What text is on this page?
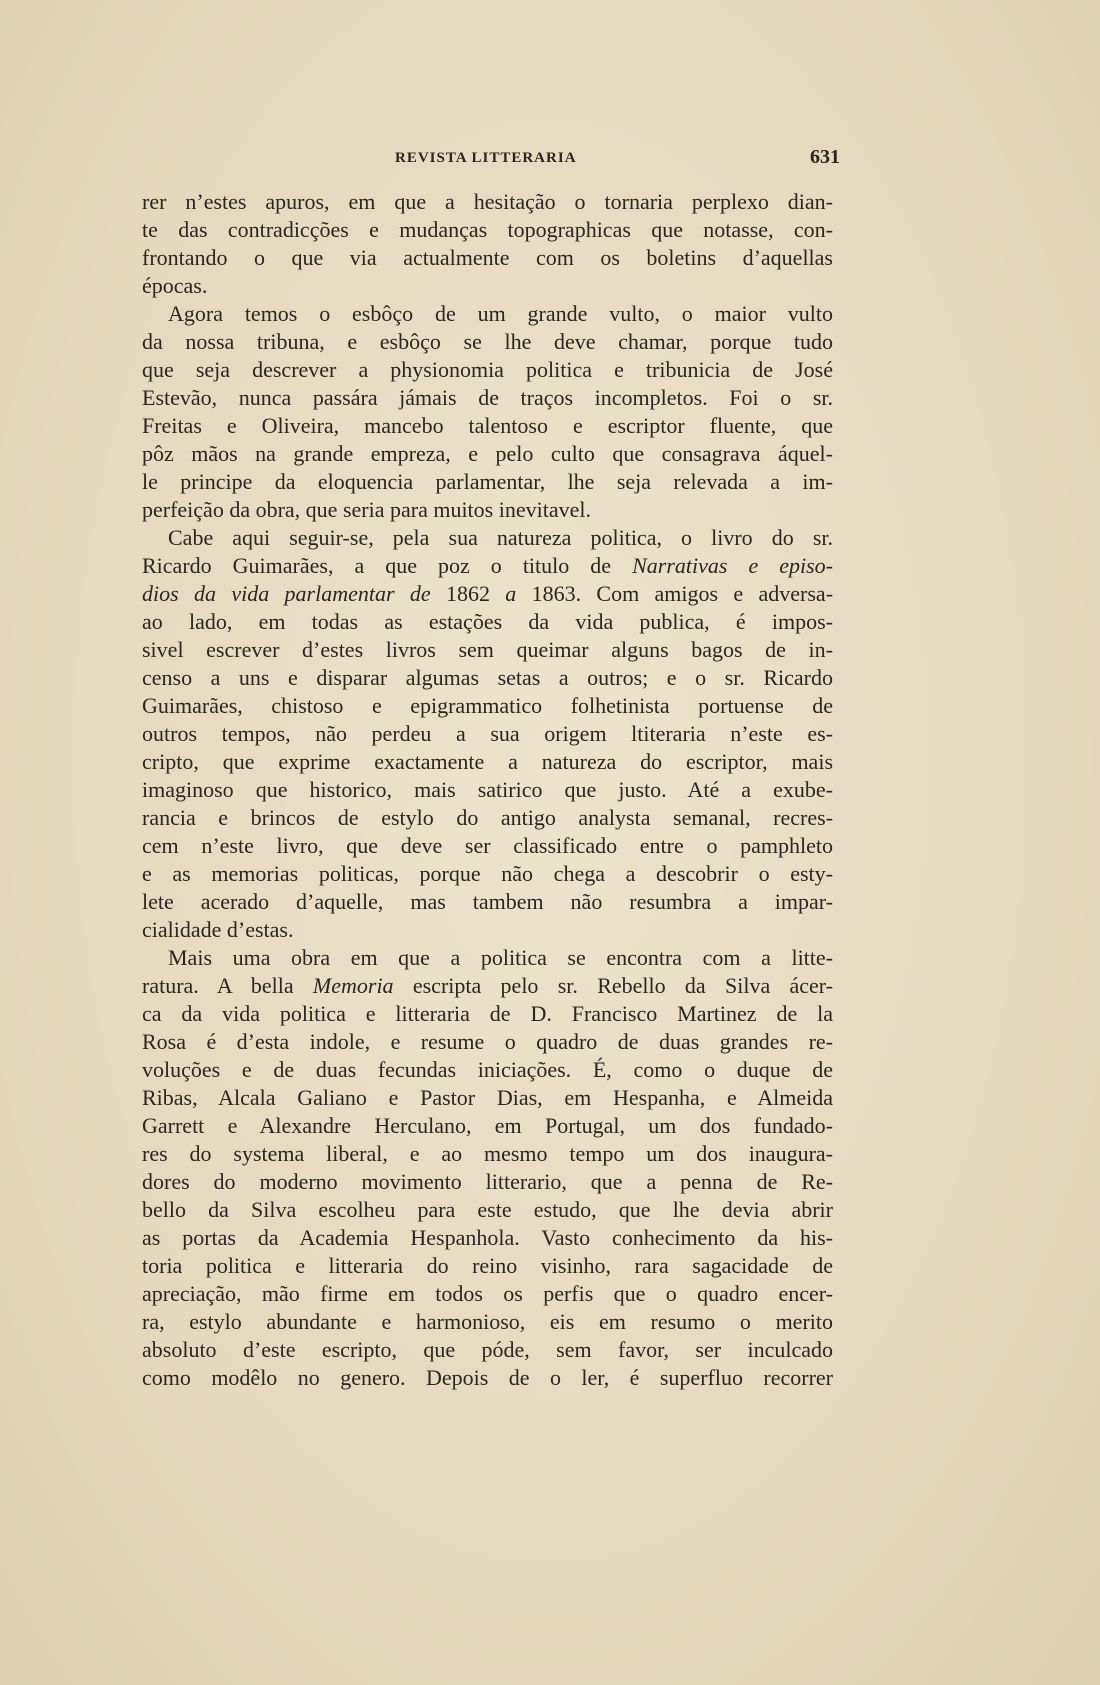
REVISTA LITTERARIA	631
rer n’estes apuros, em que a hesitação o tornaria perplexo dian-
te das contradicções e mudanças topographicas que notasse, con-
frontando o que via actualmente com os boletins d’aquellas
épocas.
Agora temos o esbôço de um grande vulto, o maior vulto
da nossa tribuna, e esbôço se lhe deve chamar, porque tudo
que seja descrever a physionomia politica e tribunicia de José
Estevão, nunca passára jámais de traços incompletos. Foi o sr.
Freitas e Oliveira, mancebo talentoso e escriptor fluente, que
pôz mãos na grande empreza, e pelo culto que consagrava áquel-
le principe da eloquencia parlamentar, lhe seja relevada a im-
perfeição da obra, que seria para muitos inevitavel.
Cabe aqui seguir-se, pela sua natureza politica, o livro do sr.
Ricardo Guimarães, a que poz o titulo de Narrativas e episo-
dios da vida parlamentar de 1862 a 1863. Com amigos e adversa-
ao lado, em todas as estações da vida publica, é impos-
sivel escrever d’estes livros sem queimar alguns bagos de in-
censo a uns e disparar algumas setas a outros; e o sr. Ricardo
Guimarães, chistoso e epigrammatico folhetinista portuense de
outros tempos, não perdeu a sua origem ltiteraria n’este es-
cripto, que exprime exactamente a natureza do escriptor, mais
imaginoso que historico, mais satirico que justo. Até a exube-
rancia e brincos de estylo do antigo analysta semanal, recres-
cem n’este livro, que deve ser classificado entre o pamphleto
e as memorias politicas, porque não chega a descobrir o esty-
lete acerado d’aquelle, mas tambem não resumbra a impar-
cialidade d’estas.
Mais uma obra em que a politica se encontra com a litte-
ratura. A bella Memoria escripta pelo sr. Rebello da Silva ácer-
ca da vida politica e litteraria de D. Francisco Martinez de la
Rosa é d’esta indole, e resume o quadro de duas grandes re-
voluções e de duas fecundas iniciações. É, como o duque de
Ribas, Alcala Galiano e Pastor Dias, em Hespanha, e Almeida
Garrett e Alexandre Herculano, em Portugal, um dos fundado-
res do systema liberal, e ao mesmo tempo um dos inaugura-
dores do moderno movimento litterario, que a penna de Re-
bello da Silva escolheu para este estudo, que lhe devia abrir
as portas da Academia Hespanhola. Vasto conhecimento da his-
toria politica e litteraria do reino visinho, rara sagacidade de
apreciação, mão firme em todos os perfis que o quadro encer-
ra, estylo abundante e harmonioso, eis em resumo o merito
absoluto d’este escripto, que póde, sem favor, ser inculcado
como modêlo no genero. Depois de o ler, é superfluo recorrer
